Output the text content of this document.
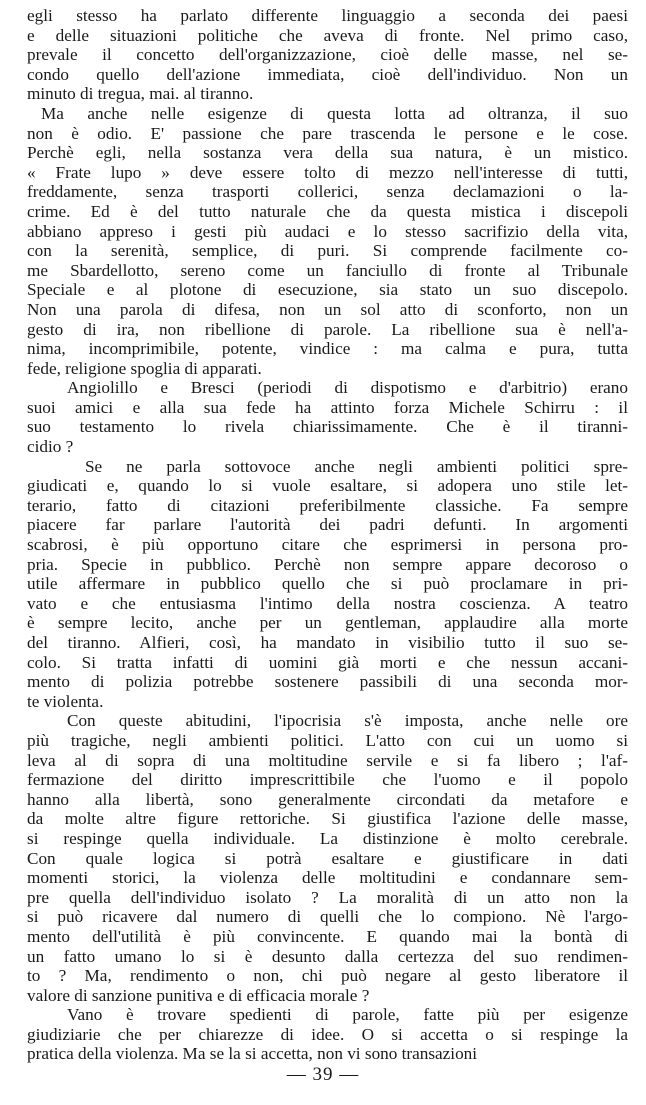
egli stesso ha parlato differente linguaggio a seconda dei paesi
e delle situazioni politiche che aveva di fronte. Nel primo caso,
prevale il concetto dell'organizzazione, cioè delle masse, nel se-
condo quello dell'azione immediata, cioè dell'individuo. Non un
minuto di tregua, mai. al tiranno.
Ma anche nelle esigenze di questa lotta ad oltranza, il suo
non è odio. E' passione che pare trascenda le persone e le cose.
Perchè egli, nella sostanza vera della sua natura, è un mistico.
« Frate lupo » deve essere tolto di mezzo nell'interesse di tutti,
freddamente, senza trasporti collerici, senza declamazioni o la-
crime. Ed è del tutto naturale che da questa mistica i discepoli
abbiano appreso i gesti più audaci e lo stesso sacrifizio della vita,
con la serenità, semplice, di puri. Si comprende facilmente co-
me Sbardellotto, sereno come un fanciullo di fronte al Tribunale
Speciale e al plotone di esecuzione, sia stato un suo discepolo.
Non una parola di difesa, non un sol atto di sconforto, non un
gesto di ira, non ribellione di parole. La ribellione sua è nell'a-
nima, incomprimibile, potente, vindice : ma calma e pura, tutta
fede, religione spoglia di apparati.
Angiolillo e Bresci (periodi di dispotismo e d'arbitrio) erano
suoi amici e alla sua fede ha attinto forza Michele Schirru : il
suo testamento lo rivela chiarissimamente. Che è il tiranni-
cidio ?
Se ne parla sottovoce anche negli ambienti politici spre-
giudicati e, quando lo si vuole esaltare, si adopera uno stile let-
terario, fatto di citazioni preferibilmente classiche. Fa sempre
piacere far parlare l'autorità dei padri defunti. In argomenti
scabrosi, è più opportuno citare che esprimersi in persona pro-
pria. Specie in pubblico. Perchè non sempre appare decoroso o
utile affermare in pubblico quello che si può proclamare in pri-
vato e che entusiasma l'intimo della nostra coscienza. A teatro
è sempre lecito, anche per un gentleman, applaudire alla morte
del tiranno. Alfieri, così, ha mandato in visibilio tutto il suo se-
colo. Si tratta infatti di uomini già morti e che nessun accani-
mento di polizia potrebbe sostenere passibili di una seconda mor-
te violenta.
Con queste abitudini, l'ipocrisia s'è imposta, anche nelle ore
più tragiche, negli ambienti politici. L'atto con cui un uomo si
leva al di sopra di una moltitudine servile e si fa libero ; l'af-
fermazione del diritto imprescrittibile che l'uomo e il popolo
hanno alla libertà, sono generalmente circondati da metafore e
da molte altre figure rettoriche. Si giustifica l'azione delle masse,
si respinge quella individuale. La distinzione è molto cerebrale.
Con quale logica si potrà esaltare e giustificare in dati
momenti storici, la violenza delle moltitudini e condannare sem-
pre quella dell'individuo isolato ? La moralità di un atto non la
si può ricavere dal numero di quelli che lo compiono. Nè l'argo-
mento dell'utilità è più convincente. E quando mai la bontà di
un fatto umano lo si è desunto dalla certezza del suo rendimen-
to ? Ma, rendimento o non, chi può negare al gesto liberatore il
valore di sanzione punitiva e di efficacia morale ?
Vano è trovare spedienti di parole, fatte più per esigenze
giudiziarie che per chiarezze di idee. O si accetta o si respinge la
pratica della violenza. Ma se la si accetta, non vi sono transazioni
— 39 —
